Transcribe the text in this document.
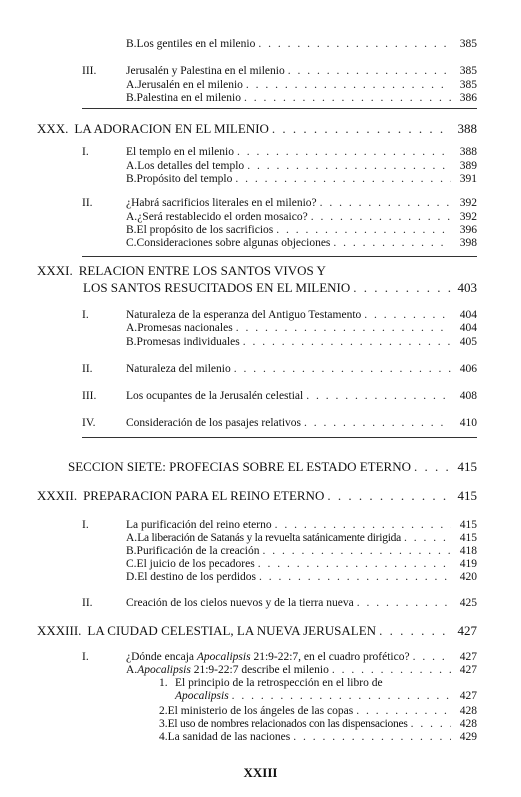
B. Los gentiles en el milenio . . .	385
III.	Jerusalén y Palestina en el milenio . . .	385
A. Jerusalén en el milenio . . .	385
B. Palestina en el milenio . . .	386
XXX. LA ADORACION EN EL MILENIO . . .	388
I.	El templo en el milenio . . .	388
A. Los detalles del templo . . .	389
B. Propósito del templo . . .	391
II.	¿Habrá sacrificios literales en el milenio? . . .	392
A. ¿Será restablecido el orden mosaico? . . .	392
B. El propósito de los sacrificios . . .	396
C. Consideraciones sobre algunas objeciones . . .	398
XXXI. RELACION ENTRE LOS SANTOS VIVOS Y
LOS SANTOS RESUCITADOS EN EL MILENIO . . .	403
I.	Naturaleza de la esperanza del Antiguo Testamento . . .	404
A. Promesas nacionales . . .	404
B. Promesas individuales . . .	405
II.	Naturaleza del milenio . . .	406
III.	Los ocupantes de la Jerusalén celestial . . .	408
IV.	Consideración de los pasajes relativos . . .	410
SECCION SIETE: PROFECIAS SOBRE EL ESTADO ETERNO . . .	415
XXXII. PREPARACION PARA EL REINO ETERNO . . .	415
I.	La purificación del reino eterno . . .	415
A. La liberación de Satanás y la revuelta satánicamente dirigida . . .	415
B. Purificación de la creación . . .	418
C. El juicio de los pecadores . . .	419
D. El destino de los perdidos . . .	420
II.	Creación de los cielos nuevos y de la tierra nueva . . .	425
XXXIII. LA CIUDAD CELESTIAL, LA NUEVA JERUSALEN . . .	427
I.	¿Dónde encaja Apocalipsis 21:9-22:7, en el cuadro profético? . . .	427
A. Apocalipsis 21:9-22:7 describe el milenio . . .	427
1. El principio de la retrospección en el libro de
Apocalipsis . . .	427
2. El ministerio de los ángeles de las copas . . .	428
3. El uso de nombres relacionados con las dispensaciones . . .	428
4. La sanidad de las naciones . . .	429
XXIII
